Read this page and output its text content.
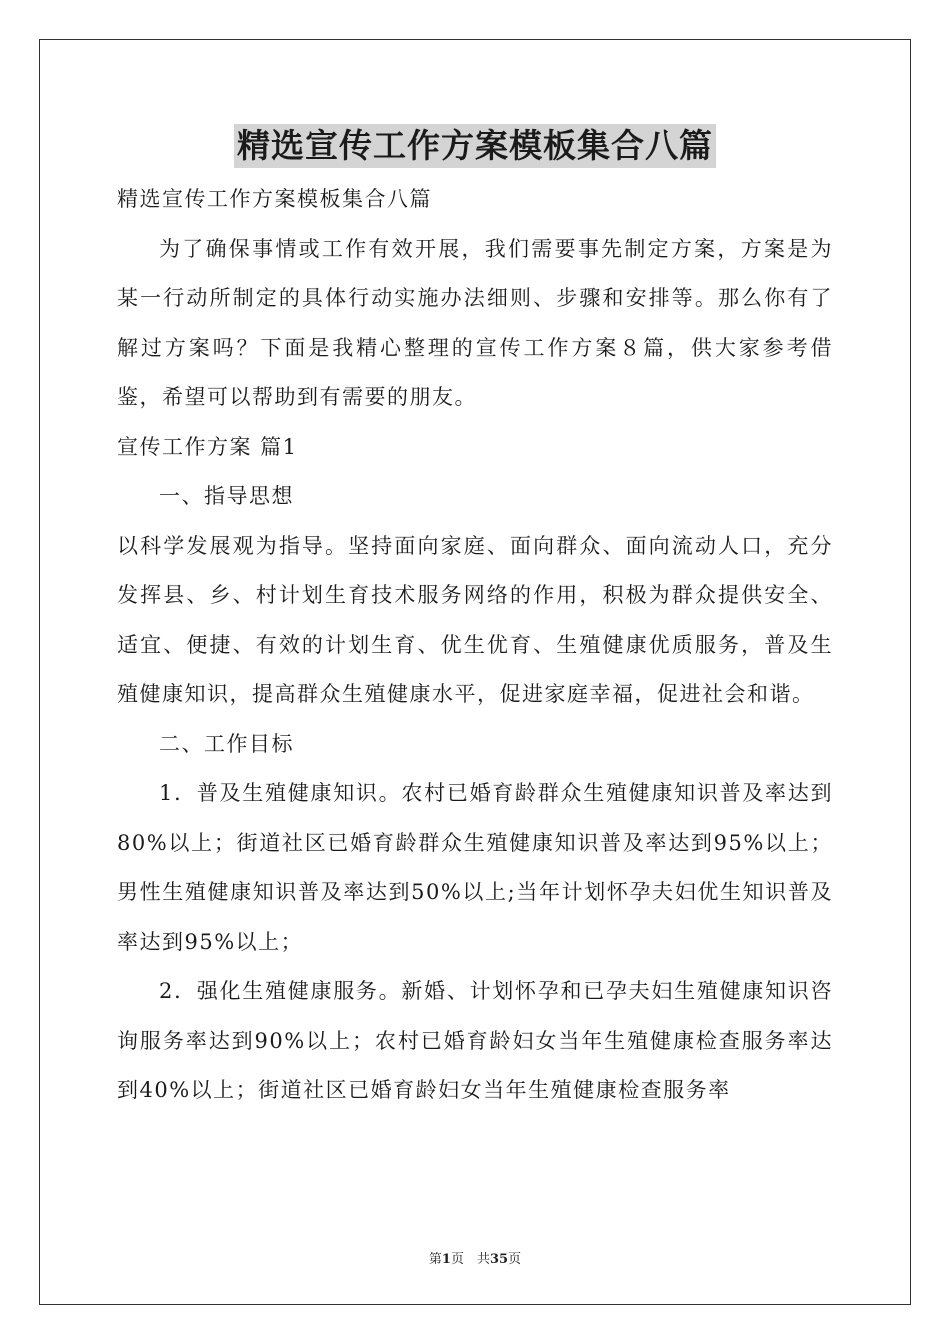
精选宣传工作方案模板集合八篇

精选宣传工作方案模板集合八篇

为了确保事情或工作有效开展，我们需要事先制定方案，方案是为某一行动所制定的具体行动实施办法细则、步骤和安排等。那么你有了解过方案吗？下面是我精心整理的宣传工作方案８篇，供大家参考借鉴，希望可以帮助到有需要的朋友。

宣传工作方案 篇1

一、指导思想

以科学发展观为指导。坚持面向家庭、面向群众、面向流动人口，充分发挥县、乡、村计划生育技术服务网络的作用，积极为群众提供安全、适宜、便捷、有效的计划生育、优生优育、生殖健康优质服务，普及生殖健康知识，提高群众生殖健康水平，促进家庭幸福，促进社会和谐。

二、工作目标

1．普及生殖健康知识。农村已婚育龄群众生殖健康知识普及率达到80%以上；街道社区已婚育龄群众生殖健康知识普及率达到95%以上；男性生殖健康知识普及率达到50%以上;当年计划怀孕夫妇优生知识普及率达到95%以上；

2．强化生殖健康服务。新婚、计划怀孕和已孕夫妇生殖健康知识咨询服务率达到90%以上；农村已婚育龄妇女当年生殖健康检查服务率达到40%以上；街道社区已婚育龄妇女当年生殖健康检查服务率

第1页　共35页
